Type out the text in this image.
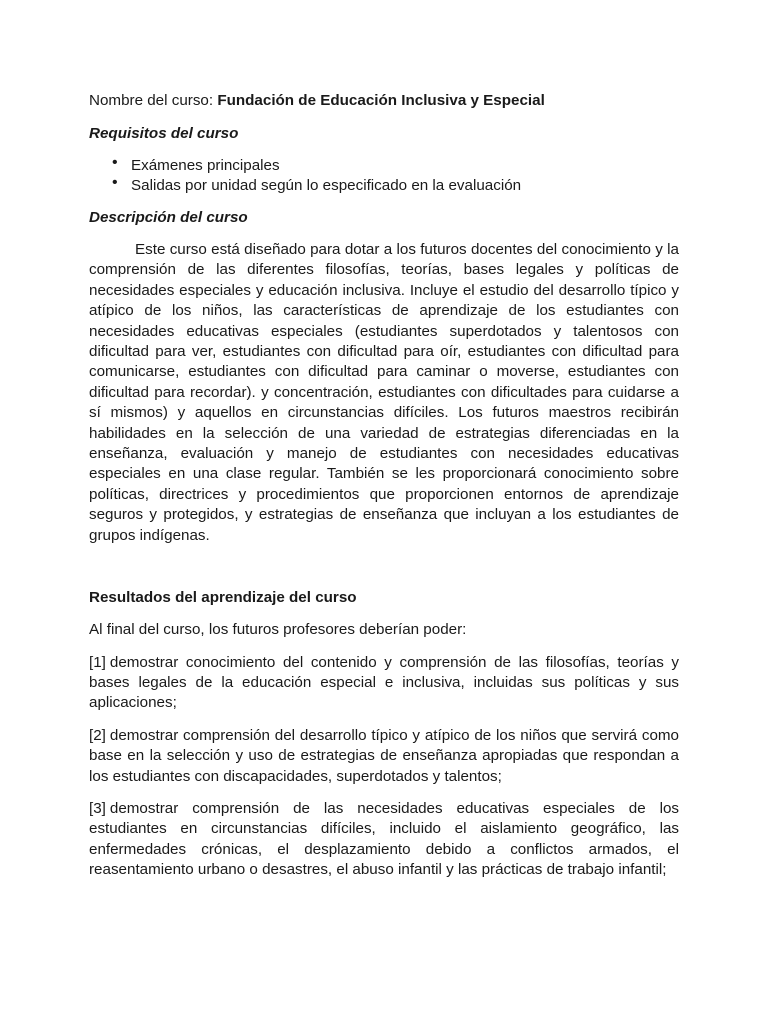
Nombre del curso: Fundación de Educación Inclusiva y Especial

Requisitos del curso

• Exámenes principales
• Salidas por unidad según lo especificado en la evaluación

Descripción del curso

Este curso está diseñado para dotar a los futuros docentes del conocimiento y la comprensión de las diferentes filosofías, teorías, bases legales y políticas de necesidades especiales y educación inclusiva. Incluye el estudio del desarrollo típico y atípico de los niños, las características de aprendizaje de los estudiantes con necesidades educativas especiales (estudiantes superdotados y talentosos con dificultad para ver, estudiantes con dificultad para oír, estudiantes con dificultad para comunicarse, estudiantes con dificultad para caminar o moverse, estudiantes con dificultad para recordar). y concentración, estudiantes con dificultades para cuidarse a sí mismos) y aquellos en circunstancias difíciles. Los futuros maestros recibirán habilidades en la selección de una variedad de estrategias diferenciadas en la enseñanza, evaluación y manejo de estudiantes con necesidades educativas especiales en una clase regular. También se les proporcionará conocimiento sobre políticas, directrices y procedimientos que proporcionen entornos de aprendizaje seguros y protegidos, y estrategias de enseñanza que incluyan a los estudiantes de grupos indígenas.

Resultados del aprendizaje del curso

Al final del curso, los futuros profesores deberían poder:

[1] demostrar conocimiento del contenido y comprensión de las filosofías, teorías y bases legales de la educación especial e inclusiva, incluidas sus políticas y sus aplicaciones;

[2] demostrar comprensión del desarrollo típico y atípico de los niños que servirá como base en la selección y uso de estrategias de enseñanza apropiadas que respondan a los estudiantes con discapacidades, superdotados y talentos;

[3] demostrar comprensión de las necesidades educativas especiales de los estudiantes en circunstancias difíciles, incluido el aislamiento geográfico, las enfermedades crónicas, el desplazamiento debido a conflictos armados, el reasentamiento urbano o desastres, el abuso infantil y las prácticas de trabajo infantil;
